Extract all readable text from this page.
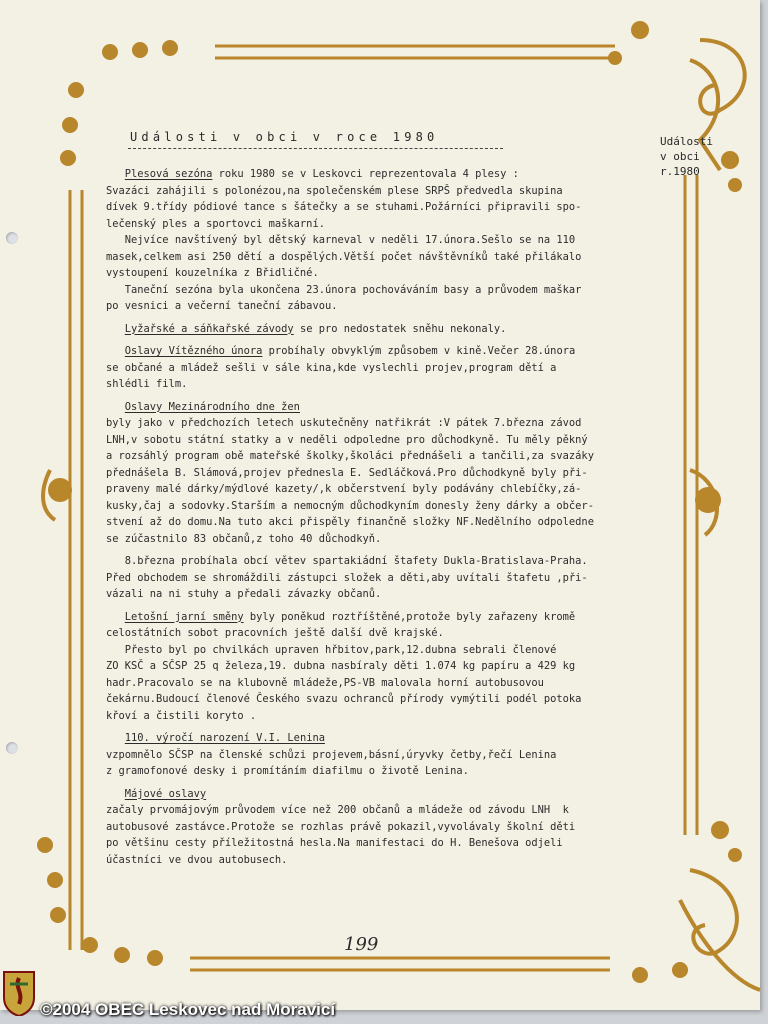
Události v obci v roce 1980	Události
v obci
r.1980
Plesová sezóna roku 1980 se v Leskovci reprezentovala 4 plesy :
Svazáci zahájili s polonézou,na společenském plese SRPŠ předvedla skupina
dívek 9.třídy pódiové tance s šátečky a se stuhami.Požárníci připravili spo-
lečenský ples a sportovci maškarní.
Nejvíce navštívený byl dětský karneval v neděli 17.února.Sešlo se na 110
masek,celkem asi 250 dětí a dospělých.Větší počet návštěvníků také přilákalo
vystoupení kouzelníka z Břidličné.
Taneční sezóna byla ukončena 23.února pochováváním basy a průvodem maškar
po vesnici a večerní taneční zábavou.
Lyžařské a sáňkařské závody se pro nedostatek sněhu nekonaly.
Oslavy Vítězného února probíhaly obvyklým způsobem v kině.Večer 28.února
se občané a mládež sešli v sále kina,kde vyslechli projev,program dětí a
shlédli film.
Oslavy Mezinárodního dne žen
byly jako v předchozích letech uskutečněny natřikrát :V pátek 7.března závod
LNH,v sobotu státní statky a v neděli odpoledne pro důchodkyně. Tu měly pěkný
a rozsáhlý program obě mateřské školky,školáci přednášeli a tančili,za svazáky
přednášela B. Slámová,projev přednesla E. Sedláčková.Pro důchodkyně byly při-
praveny malé dárky/mýdlové kazety/,k občerstvení byly podávány chlebíčky,zá-
kusky,čaj a sodovky.Starším a nemocným důchodkyním donesly ženy dárky a občer-
stvení až do domu.Na tuto akci přispěly finančně složky NF.Nedělního odpoledne
se zúčastnilo 83 občanů,z toho 40 důchodkyň.
8.března probíhala obcí větev spartakiádní štafety Dukla-Bratislava-Praha.
Před obchodem se shromáždili zástupci složek a děti,aby uvítali štafetu ,při-
vázali na ni stuhy a předali závazky občanů.
Letošní jarní směny byly poněkud roztříštěné,protože byly zařazeny kromě
celostátních sobot pracovních ještě další dvě krajské.
Přesto byl po chvilkách upraven hřbitov,park,12.dubna sebrali členové
ZO KSČ a SČSP 25 q železa,19. dubna nasbíraly děti 1.074 kg papíru a 429 kg
hadr.Pracovalo se na klubovně mládeže,PS-VB malovala horní autobusovou
čekárnu.Budoucí členové Českého svazu ochranců přírody vymýtili podél potoka
křoví a čistili koryto .
110. výročí narození V.I. Lenina
vzpomnělo SČSP na členské schůzi projevem,básní,úryvky četby,řečí Lenina
z gramofonové desky i promítáním diafilmu o životě Lenina.
Májové oslavy
začaly prvomájovým průvodem více než 200 občanů a mládeže od závodu LNH  k
autobusové zastávce.Protože se rozhlas právě pokazil,vyvolávaly školní děti
po většinu cesty příležitostná hesla.Na manifestaci do H. Benešova odjeli
účastníci ve dvou autobusech.
199
©2004 OBEC Leskovec nad Moravicí
